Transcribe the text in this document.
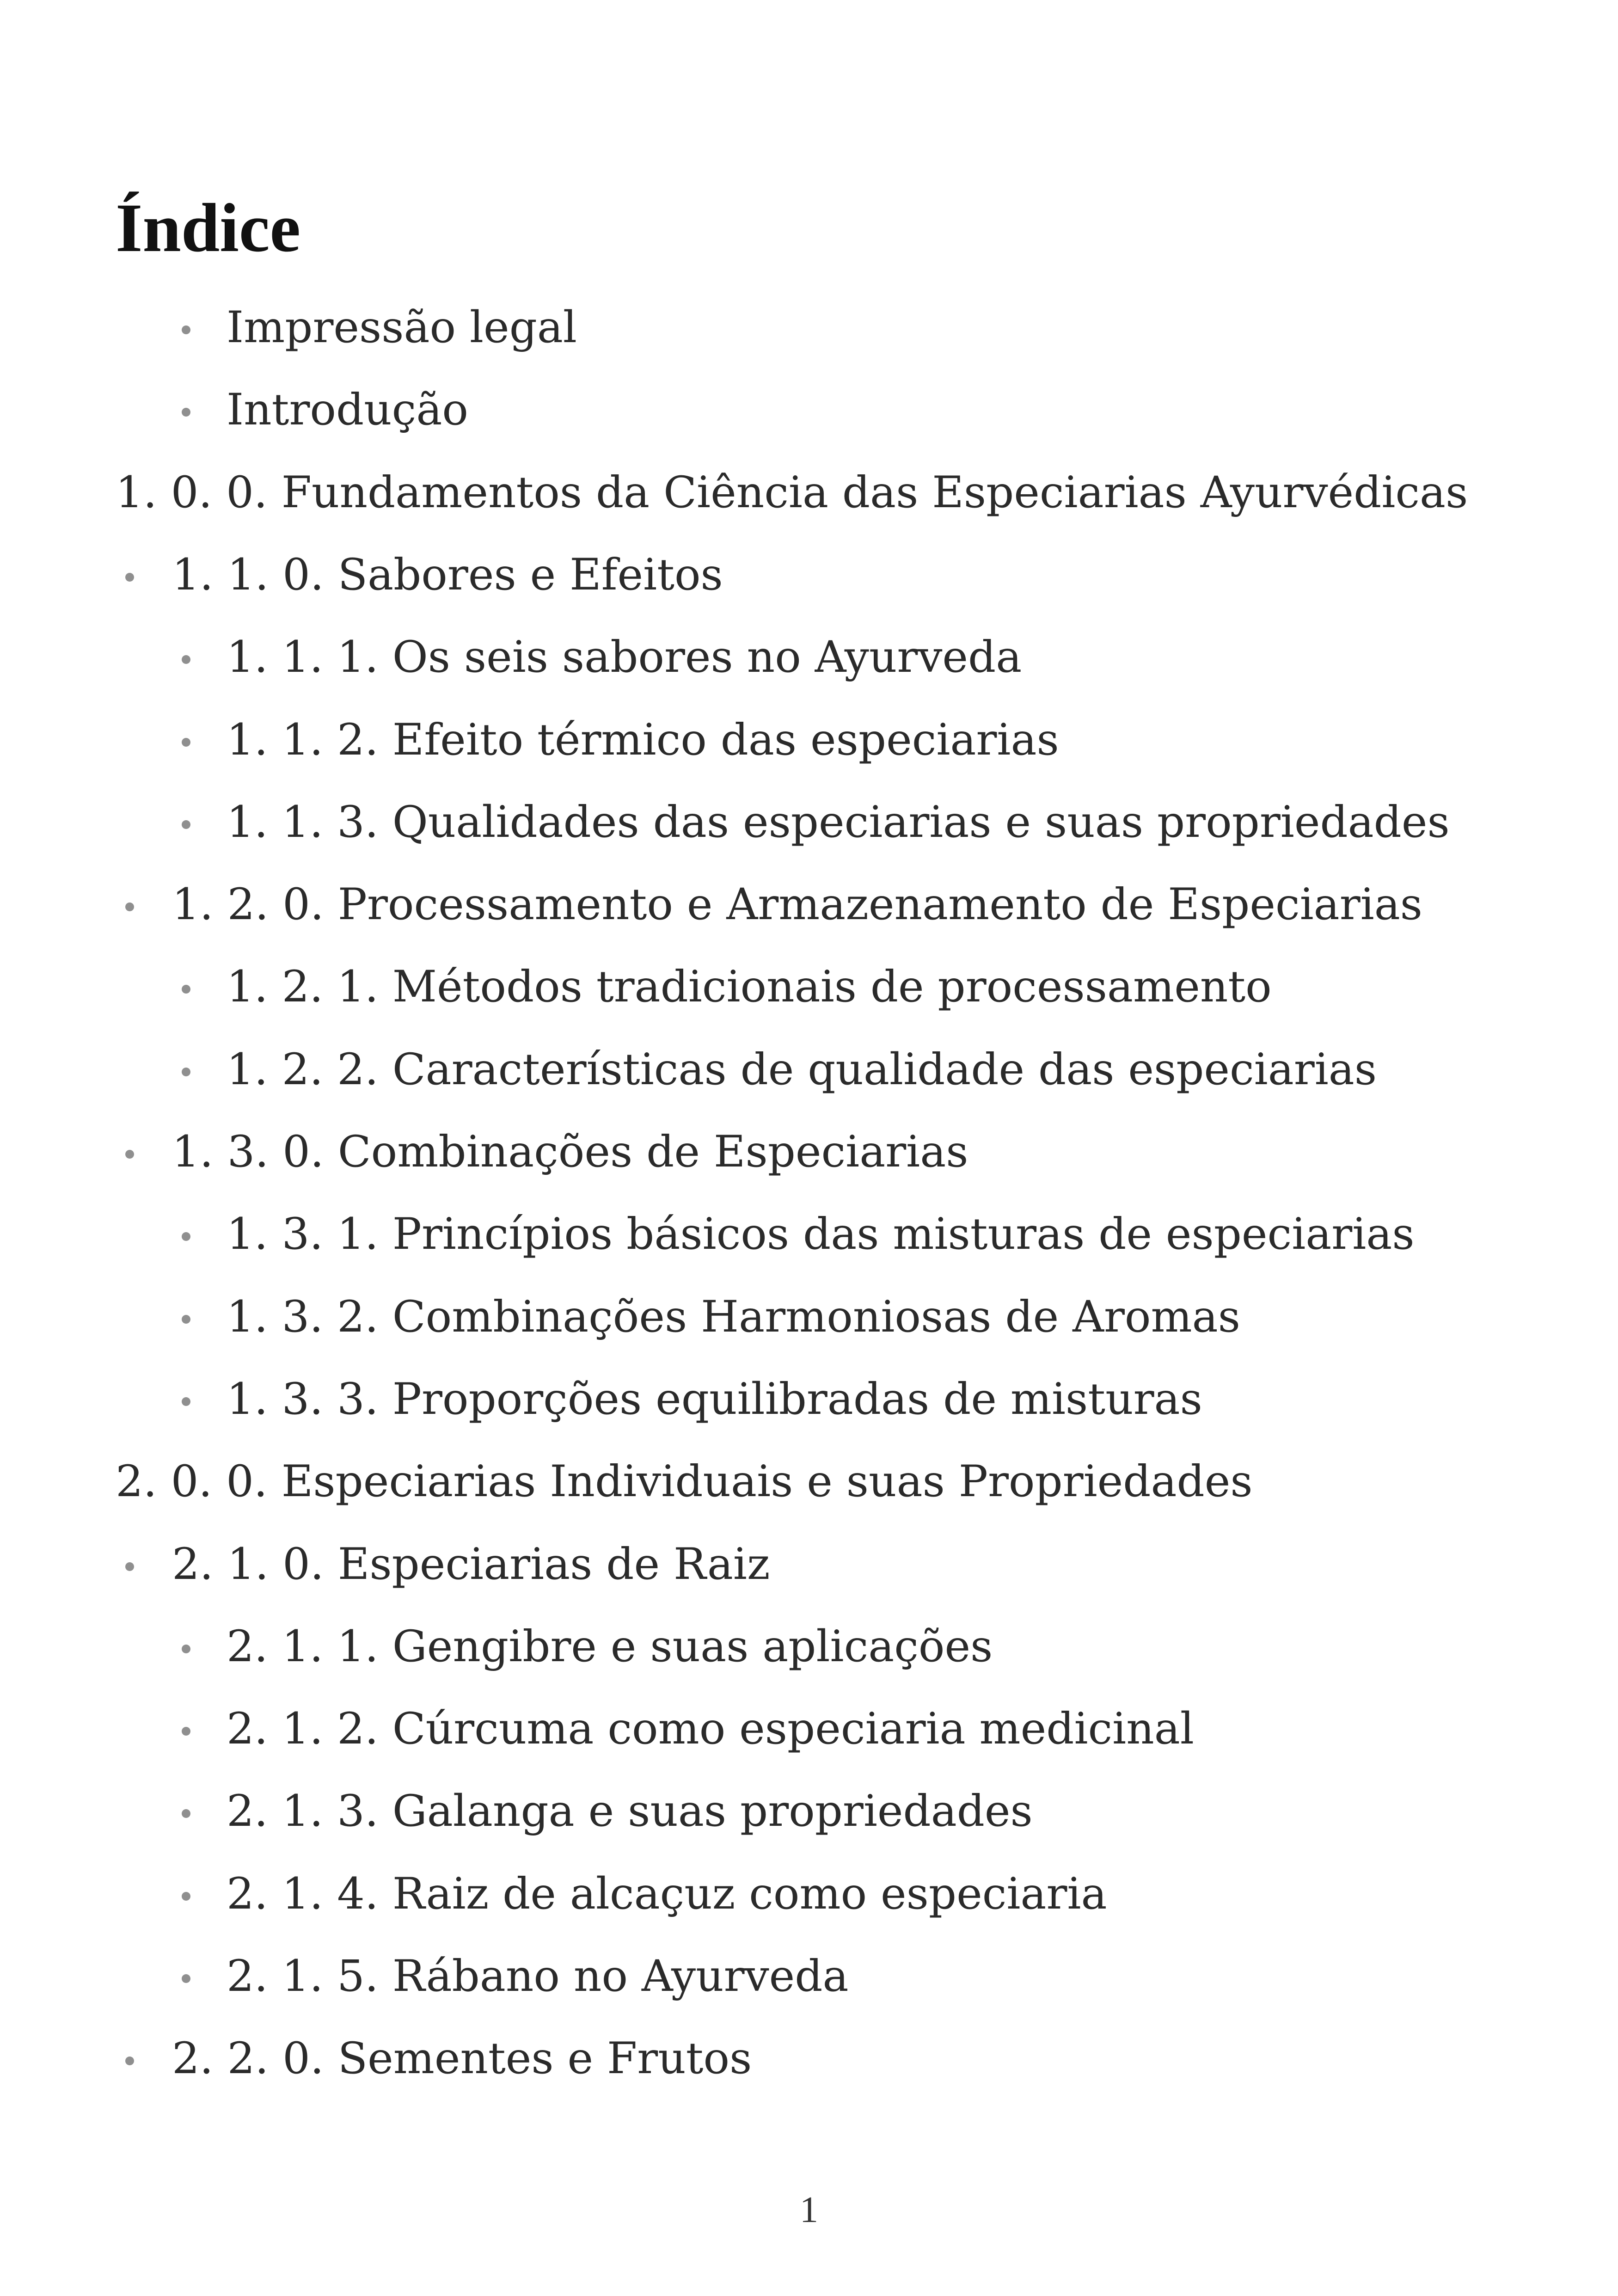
Índice
Impressão legal
Introdução
1. 0. 0. Fundamentos da Ciência das Especiarias Ayurvédicas
1. 1. 0. Sabores e Efeitos
1. 1. 1. Os seis sabores no Ayurveda
1. 1. 2. Efeito térmico das especiarias
1. 1. 3. Qualidades das especiarias e suas propriedades
1. 2. 0. Processamento e Armazenamento de Especiarias
1. 2. 1. Métodos tradicionais de processamento
1. 2. 2. Características de qualidade das especiarias
1. 3. 0. Combinações de Especiarias
1. 3. 1. Princípios básicos das misturas de especiarias
1. 3. 2. Combinações Harmoniosas de Aromas
1. 3. 3. Proporções equilibradas de misturas
2. 0. 0. Especiarias Individuais e suas Propriedades
2. 1. 0. Especiarias de Raiz
2. 1. 1. Gengibre e suas aplicações
2. 1. 2. Cúrcuma como especiaria medicinal
2. 1. 3. Galanga e suas propriedades
2. 1. 4. Raiz de alcaçuz como especiaria
2. 1. 5. Rábano no Ayurveda
2. 2. 0. Sementes e Frutos
1
